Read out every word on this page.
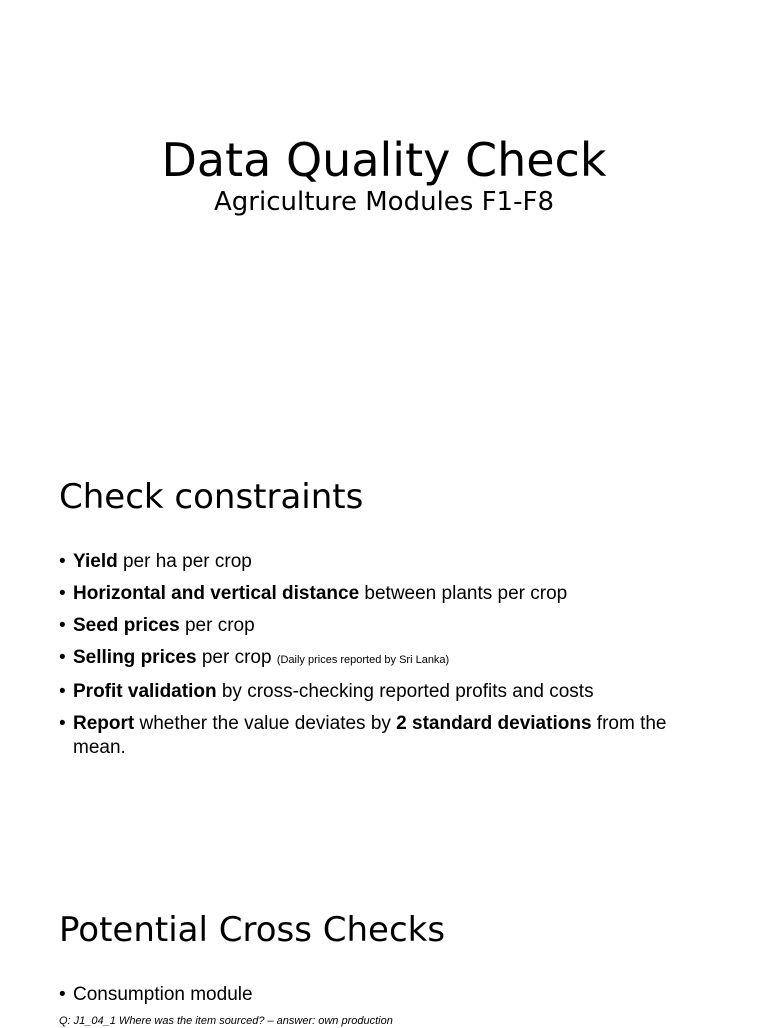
Data Quality Check
Agriculture Modules F1-F8
Check constraints
• Yield per ha per crop
• Horizontal and vertical distance between plants per crop
• Seed prices per crop
• Selling prices per crop (Daily prices reported by Sri Lanka)
• Profit validation by cross-checking reported profits and costs
• Report whether the value deviates by 2 standard deviations from the mean.
Potential Cross Checks
• Consumption module
Q: J1_04_1 Where was the item sourced? – answer: own production
